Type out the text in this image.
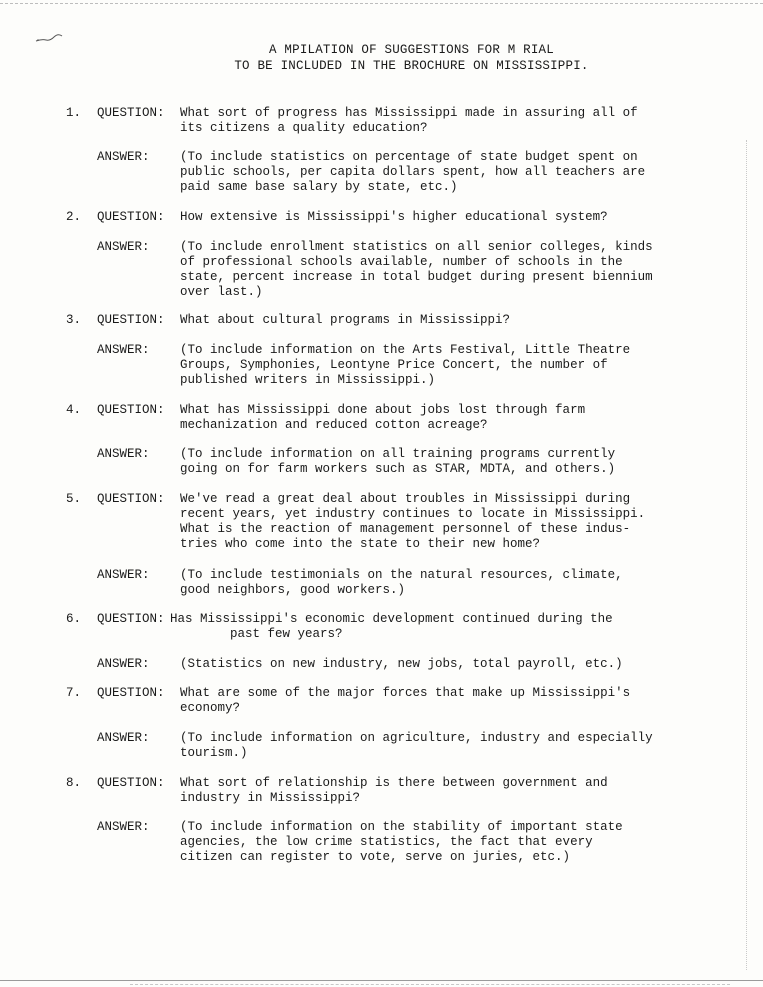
A MPILATION OF SUGGESTIONS FOR M RIAL
TO BE INCLUDED IN THE BROCHURE ON MISSISSIPPI.
1. QUESTION: What sort of progress has Mississippi made in assuring all of
its citizens a quality education?
ANSWER: (To include statistics on percentage of state budget spent on
public schools, per capita dollars spent, how all teachers are
paid same base salary by state, etc.)
2. QUESTION: How extensive is Mississippi's higher educational system?
ANSWER: (To include enrollment statistics on all senior colleges, kinds
of professional schools available, number of schools in the
state, percent increase in total budget during present biennium
over last.)
3. QUESTION: What about cultural programs in Mississippi?
ANSWER: (To include information on the Arts Festival, Little Theatre
Groups, Symphonies, Leontyne Price Concert, the number of
published writers in Mississippi.)
4. QUESTION: What has Mississippi done about jobs lost through farm
mechanization and reduced cotton acreage?
ANSWER: (To include information on all training programs currently
going on for farm workers such as STAR, MDTA, and others.)
5. QUESTION: We've read a great deal about troubles in Mississippi during
recent years, yet industry continues to locate in Mississippi.
What is the reaction of management personnel of these indus-
tries who come into the state to their new home?
ANSWER: (To include testimonials on the natural resources, climate,
good neighbors, good workers.)
6. QUESTION: Has Mississippi's economic development continued during the
past few years?
ANSWER: (Statistics on new industry, new jobs, total payroll, etc.)
7. QUESTION: What are some of the major forces that make up Mississippi's
economy?
ANSWER: (To include information on agriculture, industry and especially
tourism.)
8. QUESTION: What sort of relationship is there between government and
industry in Mississippi?
ANSWER: (To include information on the stability of important state
agencies, the low crime statistics, the fact that every
citizen can register to vote, serve on juries, etc.)
